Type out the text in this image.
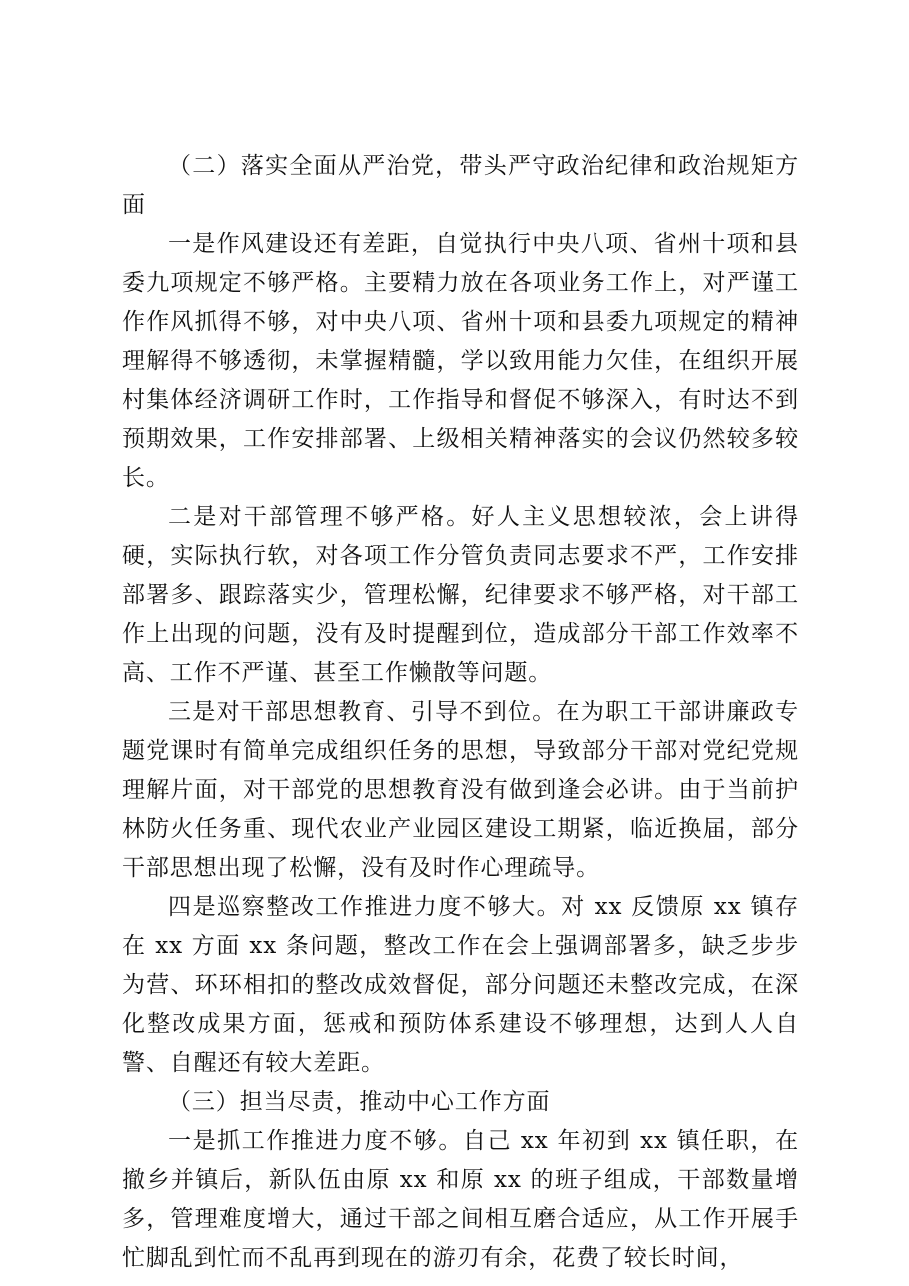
（二）落实全面从严治党，带头严守政治纪律和政治规矩方面

一是作风建设还有差距，自觉执行中央八项、省州十项和县委九项规定不够严格。主要精力放在各项业务工作上，对严谨工作作风抓得不够，对中央八项、省州十项和县委九项规定的精神理解得不够透彻，未掌握精髓，学以致用能力欠佳，在组织开展村集体经济调研工作时，工作指导和督促不够深入，有时达不到预期效果，工作安排部署、上级相关精神落实的会议仍然较多较长。

二是对干部管理不够严格。好人主义思想较浓，会上讲得硬，实际执行软，对各项工作分管负责同志要求不严，工作安排部署多、跟踪落实少，管理松懈，纪律要求不够严格，对干部工作上出现的问题，没有及时提醒到位，造成部分干部工作效率不高、工作不严谨、甚至工作懒散等问题。

三是对干部思想教育、引导不到位。在为职工干部讲廉政专题党课时有简单完成组织任务的思想，导致部分干部对党纪党规理解片面，对干部党的思想教育没有做到逢会必讲。由于当前护林防火任务重、现代农业产业园区建设工期紧，临近换届，部分干部思想出现了松懈，没有及时作心理疏导。

四是巡察整改工作推进力度不够大。对 xx 反馈原 xx 镇存在 xx 方面 xx 条问题，整改工作在会上强调部署多，缺乏步步为营、环环相扣的整改成效督促，部分问题还未整改完成，在深化整改成果方面，惩戒和预防体系建设不够理想，达到人人自警、自醒还有较大差距。

（三）担当尽责，推动中心工作方面

一是抓工作推进力度不够。自己 xx 年初到 xx 镇任职，在撤乡并镇后，新队伍由原 xx 和原 xx 的班子组成，干部数量增多，管理难度增大，通过干部之间相互磨合适应，从工作开展手忙脚乱到忙而不乱再到现在的游刃有余，花费了较长时间，
